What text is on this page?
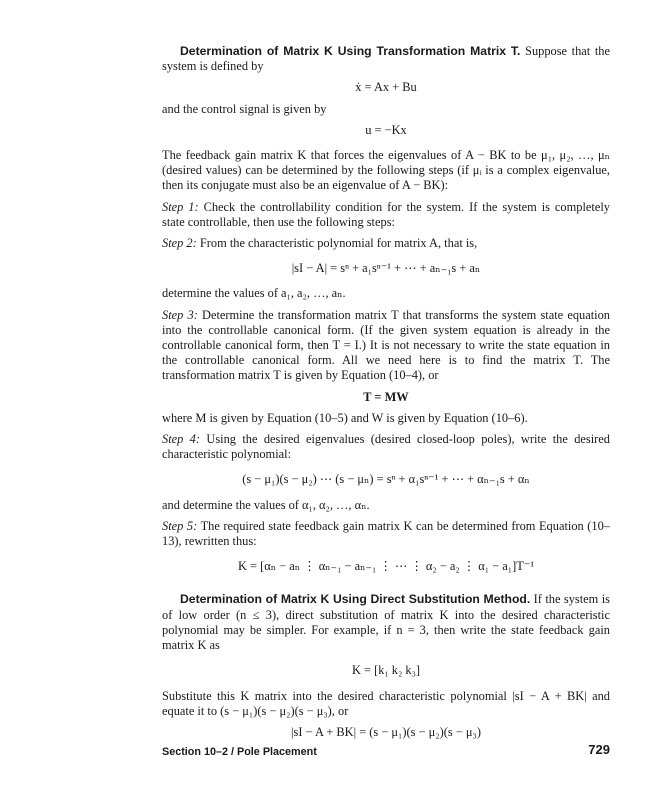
Determination of Matrix K Using Transformation Matrix T. Suppose that the system is defined by

ẋ = Ax + Bu

and the control signal is given by

u = −Kx

The feedback gain matrix K that forces the eigenvalues of A − BK to be μ₁, μ₂, …, μₙ (desired values) can be determined by the following steps (if μᵢ is a complex eigenvalue, then its conjugate must also be an eigenvalue of A − BK):

Step 1: Check the controllability condition for the system. If the system is completely state controllable, then use the following steps:

Step 2: From the characteristic polynomial for matrix A, that is,

|sI − A| = sⁿ + a₁sⁿ⁻¹ + ⋯ + aₙ₋₁s + aₙ

determine the values of a₁, a₂, …, aₙ.

Step 3: Determine the transformation matrix T that transforms the system state equation into the controllable canonical form. (If the given system equation is already in the controllable canonical form, then T = I.) It is not necessary to write the state equation in the controllable canonical form. All we need here is to find the matrix T. The transformation matrix T is given by Equation (10–4), or

T = MW

where M is given by Equation (10–5) and W is given by Equation (10–6).

Step 4: Using the desired eigenvalues (desired closed-loop poles), write the desired characteristic polynomial:

(s − μ₁)(s − μ₂) ⋯ (s − μₙ) = sⁿ + α₁sⁿ⁻¹ + ⋯ + αₙ₋₁s + αₙ

and determine the values of α₁, α₂, …, αₙ.

Step 5: The required state feedback gain matrix K can be determined from Equation (10–13), rewritten thus:

K = [αₙ − aₙ ⋮ αₙ₋₁ − aₙ₋₁ ⋮ ⋯ ⋮ α₂ − a₂ ⋮ α₁ − a₁]T⁻¹

Determination of Matrix K Using Direct Substitution Method. If the system is of low order (n ≤ 3), direct substitution of matrix K into the desired characteristic polynomial may be simpler. For example, if n = 3, then write the state feedback gain matrix K as

K = [k₁ k₂ k₃]

Substitute this K matrix into the desired characteristic polynomial |sI − A + BK| and equate it to (s − μ₁)(s − μ₂)(s − μ₃), or

|sI − A + BK| = (s − μ₁)(s − μ₂)(s − μ₃)

Section 10–2 / Pole Placement	729
